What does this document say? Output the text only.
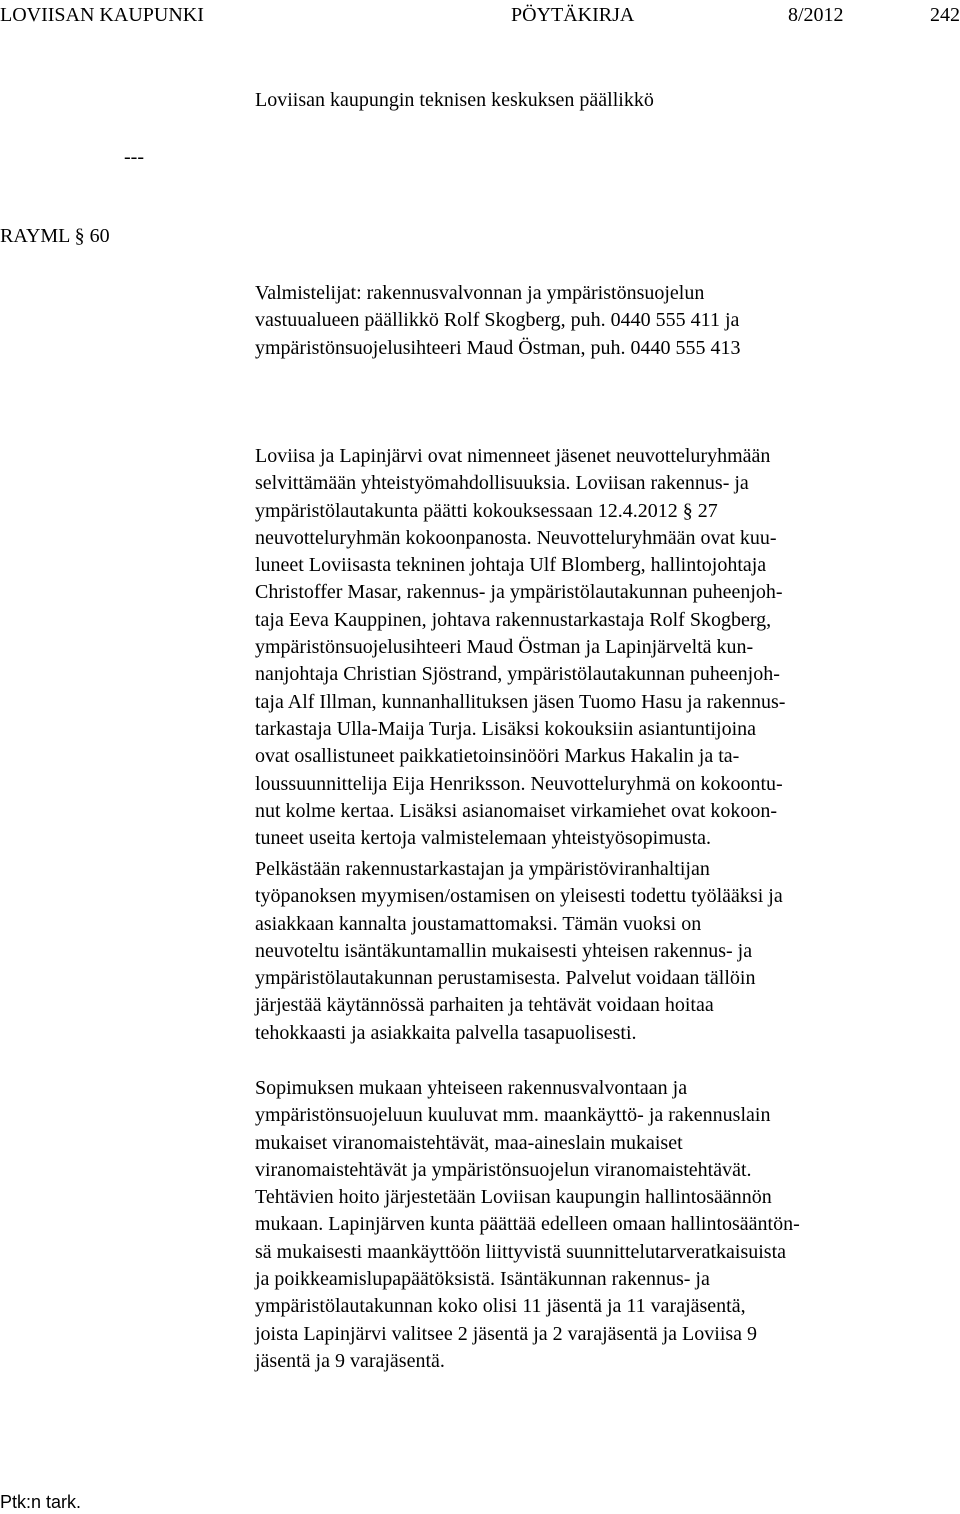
LOVIISAN KAUPUNKI	PÖYTÄKIRJA	8/2012	242
Loviisan kaupungin teknisen keskuksen päällikkö
---
RAYML § 60
Valmistelijat: rakennusvalvonnan ja ympäristönsuojelun
vastuualueen päällikkö Rolf Skogberg, puh. 0440 555 411 ja
ympäristönsuojelusihteeri Maud Östman, puh. 0440 555 413
Loviisa ja Lapinjärvi ovat nimenneet jäsenet neuvotteluryhmään
selvittämään yhteistyömahdollisuuksia. Loviisan rakennus- ja
ympäristölautakunta päätti kokouksessaan 12.4.2012 § 27
neuvotteluryhmän kokoonpanosta. Neuvotteluryhmään ovat kuu-
luneet Loviisasta tekninen johtaja Ulf Blomberg, hallintojohtaja
Christoffer Masar, rakennus- ja ympäristölautakunnan puheenjoh-
taja Eeva Kauppinen, johtava rakennustarkastaja Rolf Skogberg,
ympäristönsuojelusihteeri Maud Östman ja Lapinjärveltä kun-
nanjohtaja Christian Sjöstrand, ympäristölautakunnan puheenjoh-
taja Alf Illman, kunnanhallituksen jäsen Tuomo Hasu ja rakennus-
tarkastaja Ulla-Maija Turja. Lisäksi kokouksiin asiantuntijoina
ovat osallistuneet paikkatietoinsinööri Markus Hakalin ja ta-
loussuunnittelija Eija Henriksson. Neuvotteluryhmä on kokoontu-
nut kolme kertaa. Lisäksi asianomaiset virkamiehet ovat kokoon-
tuneet useita kertoja valmistelemaan yhteistyösopimusta.
Pelkästään rakennustarkastajan ja ympäristöviranhaltijan
työpanoksen myymisen/ostamisen on yleisesti todettu työlääksi ja
asiakkaan kannalta joustamattomaksi. Tämän vuoksi on
neuvoteltu isäntäkuntamallin mukaisesti yhteisen rakennus- ja
ympäristölautakunnan perustamisesta. Palvelut voidaan tällöin
järjestää käytännössä parhaiten ja tehtävät voidaan hoitaa
tehokkaasti ja asiakkaita palvella tasapuolisesti.
Sopimuksen mukaan yhteiseen rakennusvalvontaan ja
ympäristönsuojeluun kuuluvat mm. maankäyttö- ja rakennuslain
mukaiset viranomaistehtävät, maa-aineslain mukaiset
viranomaistehtävät ja ympäristönsuojelun viranomaistehtävät.
Tehtävien hoito järjestetään Loviisan kaupungin hallintosäännön
mukaan. Lapinjärven kunta päättää edelleen omaan hallintosääntön-
sä mukaisesti maankäyttöön liittyvistä suunnittelutarveratkaisuista
ja poikkeamislupapäätöksistä. Isäntäkunnan rakennus- ja
ympäristölautakunnan koko olisi 11 jäsentä ja 11 varajäsentä,
joista Lapinjärvi valitsee 2 jäsentä ja 2 varajäsentä ja Loviisa 9
jäsentä ja 9 varajäsentä.
Ptk:n tark.
